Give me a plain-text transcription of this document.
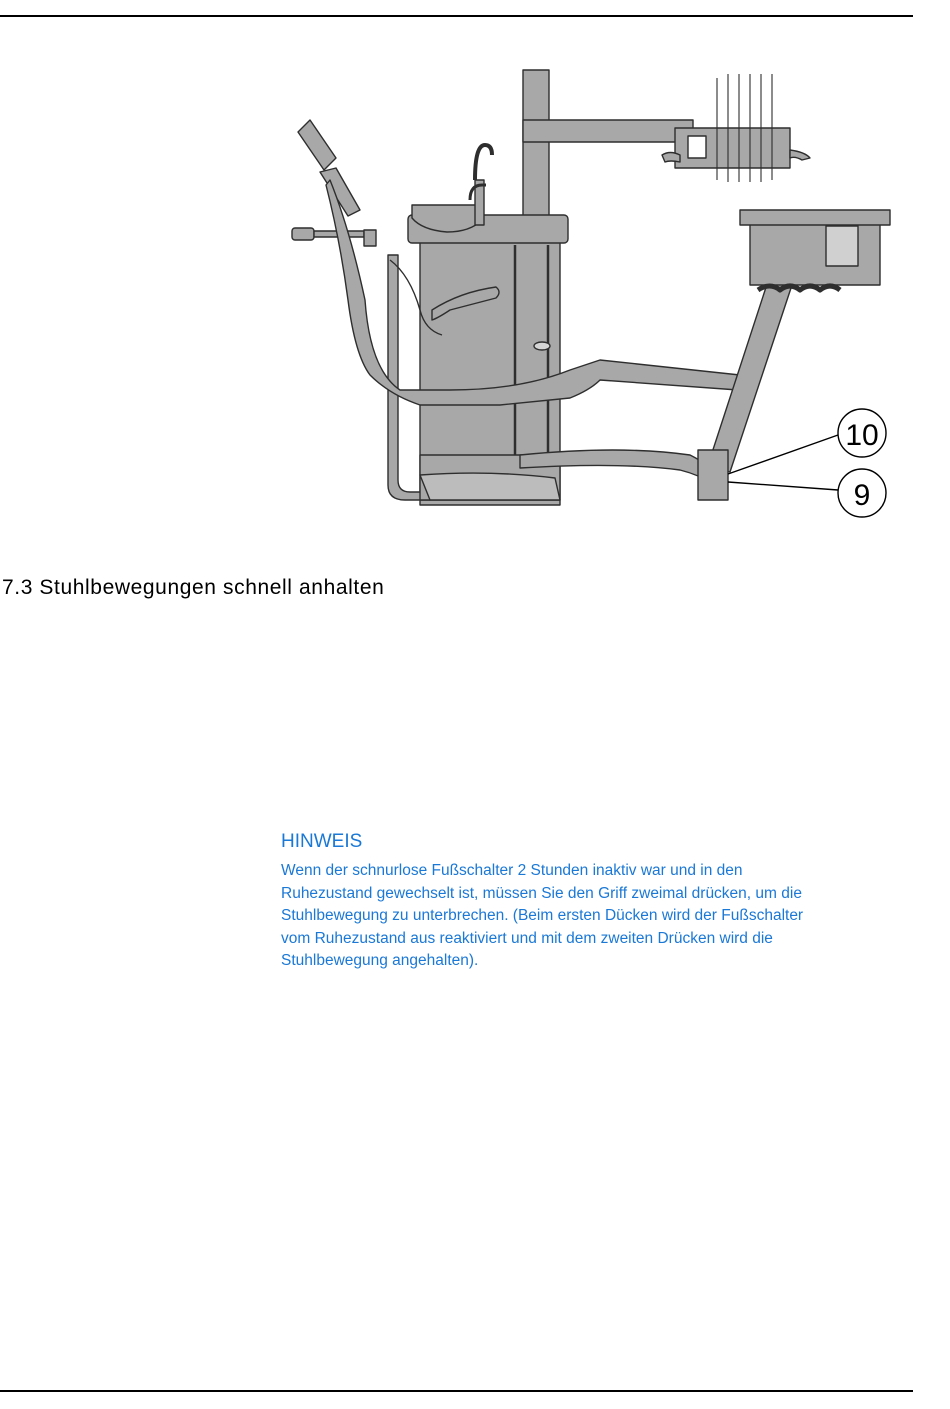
10
9
7.3 Stuhlbewegungen schnell anhalten
HINWEIS

Wenn der schnurlose Fußschalter 2 Stunden inaktiv war und in den
Ruhezustand gewechselt ist, müssen Sie den Griff zweimal drücken, um die
Stuhlbewegung zu unterbrechen. (Beim ersten Dücken wird der Fußschalter
vom Ruhezustand aus reaktiviert und mit dem zweiten Drücken wird die
Stuhlbewegung angehalten).
